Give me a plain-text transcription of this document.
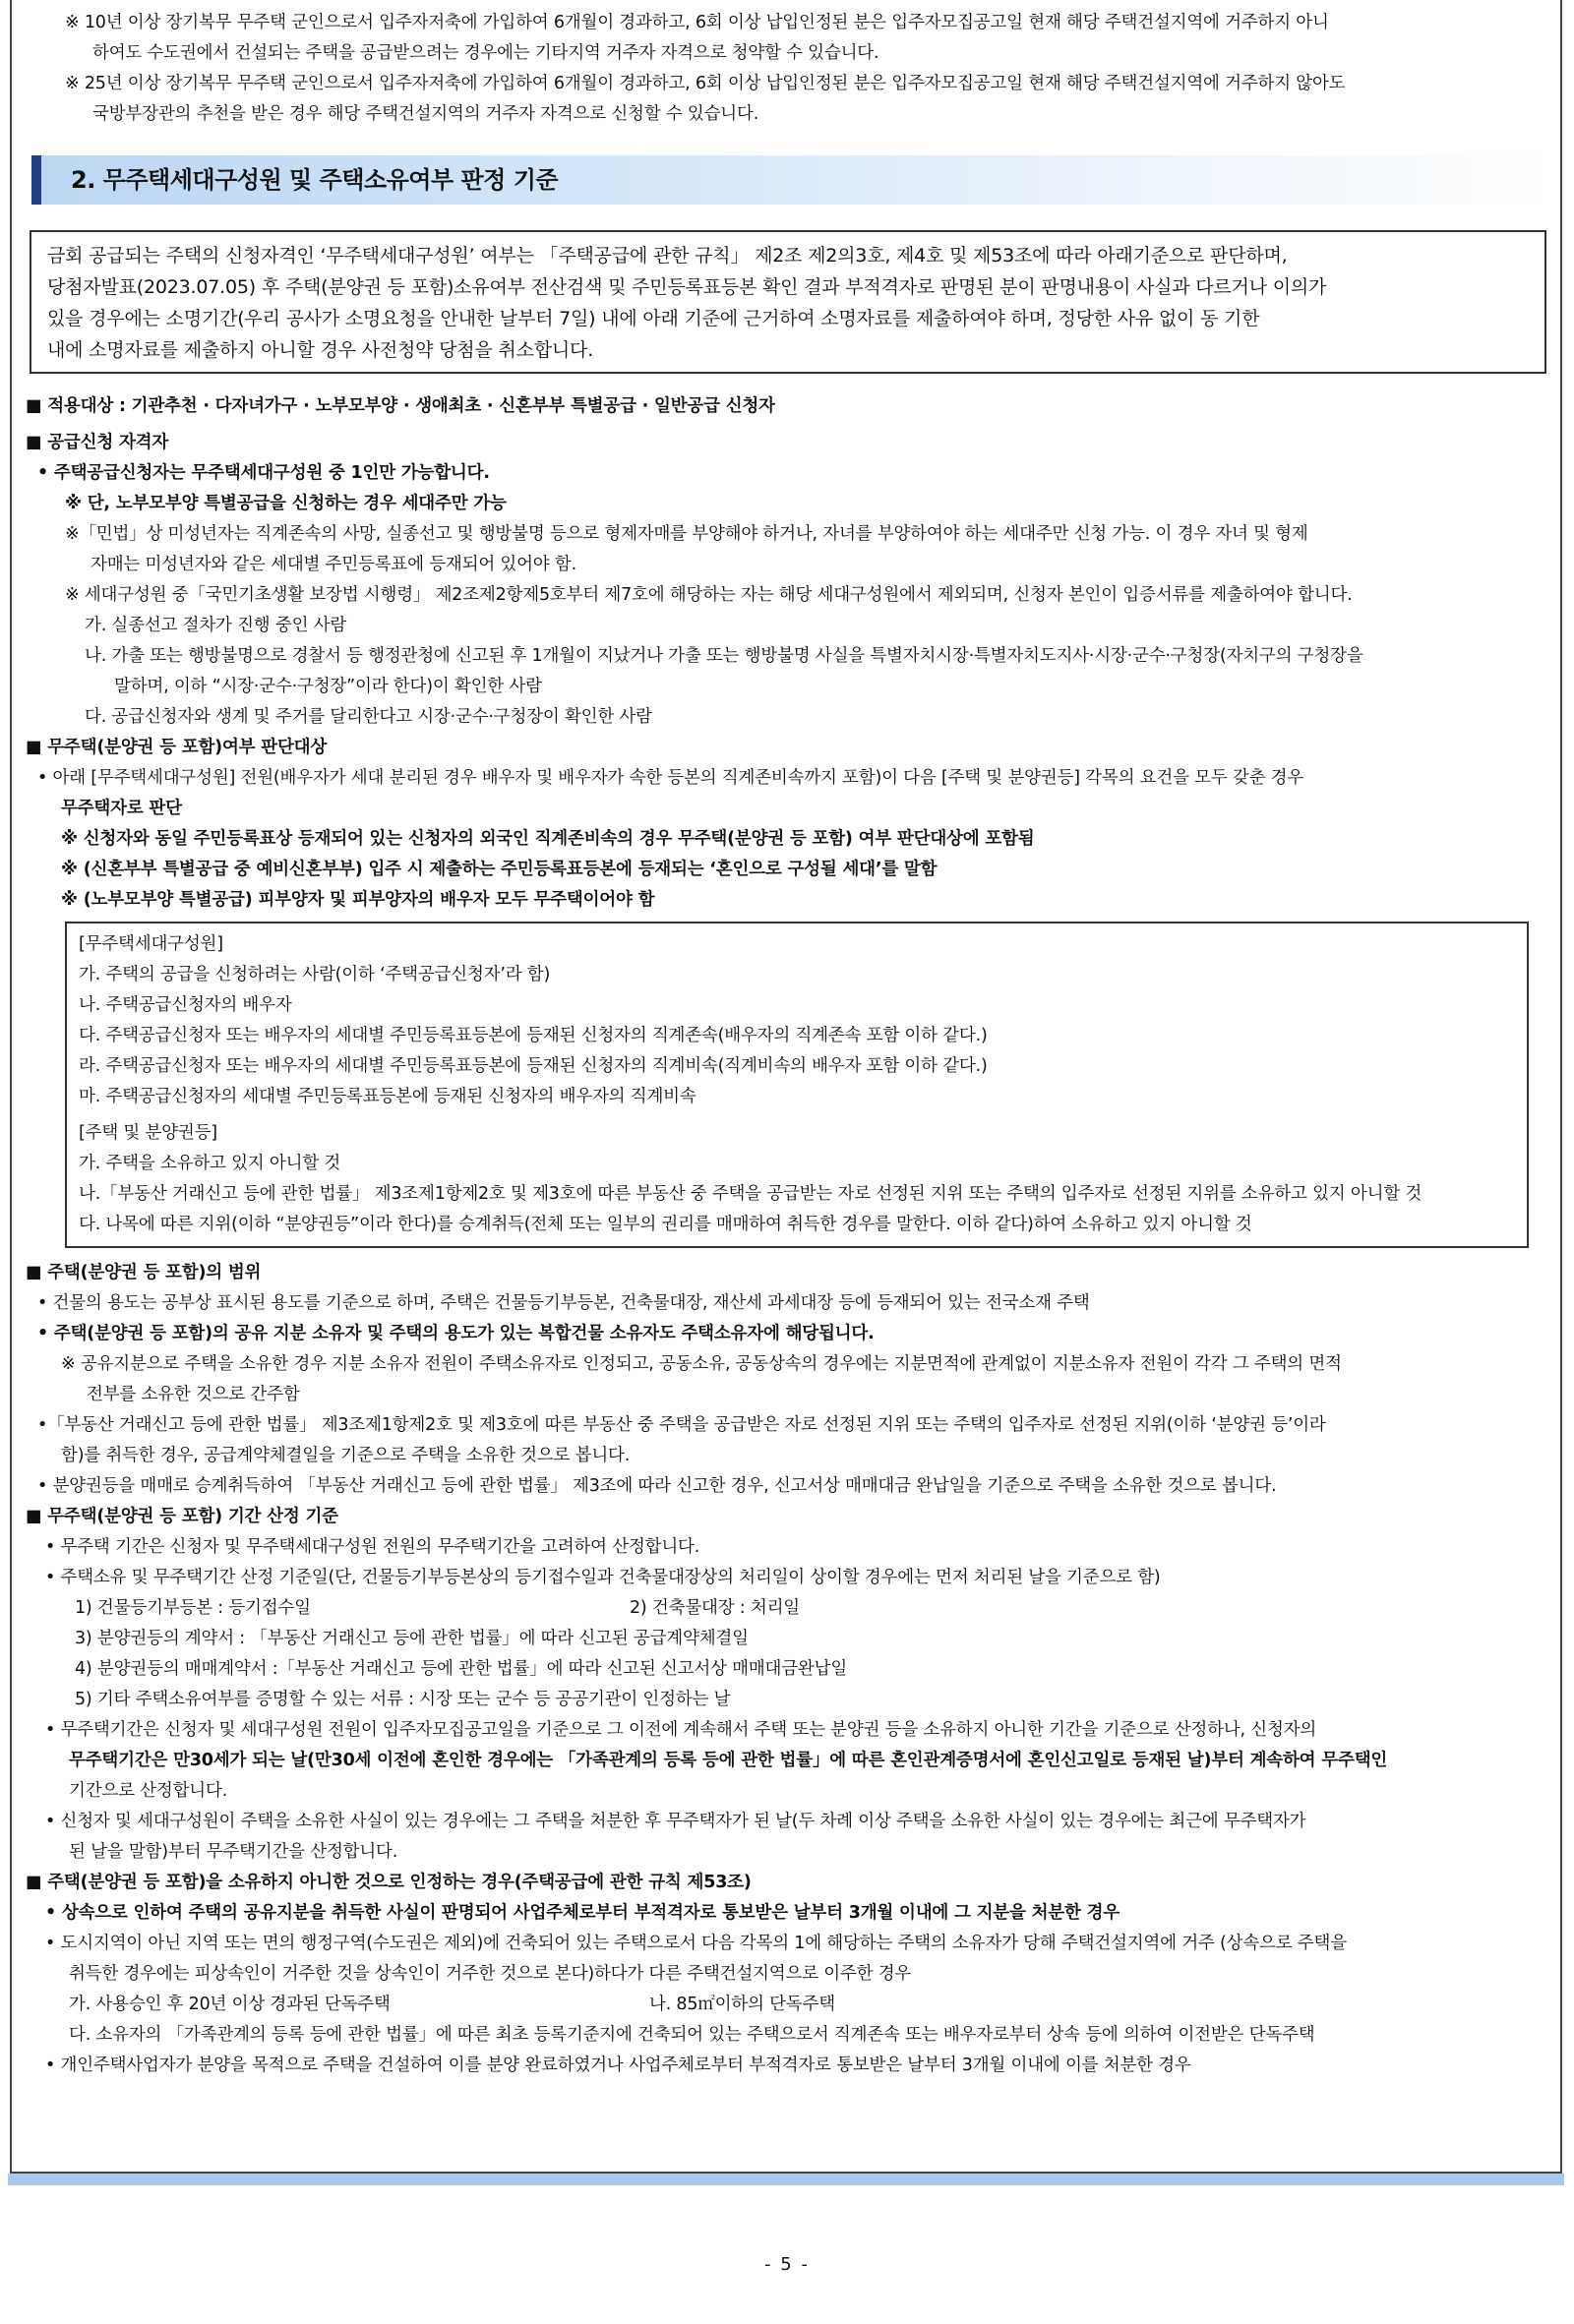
※ 10년 이상 장기복무 무주택 군인으로서 입주자저축에 가입하여 6개월이 경과하고, 6회 이상 납입인정된 분은 입주자모집공고일 현재 해당 주택건설지역에 거주하지 아니
하여도 수도권에서 건설되는 주택을 공급받으려는 경우에는 기타지역 거주자 자격으로 청약할 수 있습니다.
※ 25년 이상 장기복무 무주택 군인으로서 입주자저축에 가입하여 6개월이 경과하고, 6회 이상 납입인정된 분은 입주자모집공고일 현재 해당 주택건설지역에 거주하지 않아도
국방부장관의 추천을 받은 경우 해당 주택건설지역의 거주자 자격으로 신청할 수 있습니다.
2. 무주택세대구성원 및 주택소유여부 판정 기준
금회 공급되는 주택의 신청자격인 ‘무주택세대구성원’ 여부는 「주택공급에 관한 규칙」 제2조 제2의3호, 제4호 및 제53조에 따라 아래기준으로 판단하며,
당첨자발표(2023.07.05) 후 주택(분양권 등 포함)소유여부 전산검색 및 주민등록표등본 확인 결과 부적격자로 판명된 분이 판명내용이 사실과 다르거나 이의가
있을 경우에는 소명기간(우리 공사가 소명요청을 안내한 날부터 7일) 내에 아래 기준에 근거하여 소명자료를 제출하여야 하며, 정당한 사유 없이 동 기한
내에 소명자료를 제출하지 아니할 경우 사전청약 당첨을 취소합니다.
■ 적용대상 : 기관추천 · 다자녀가구 · 노부모부양 · 생애최초 · 신혼부부 특별공급 · 일반공급 신청자
■ 공급신청 자격자
• 주택공급신청자는 무주택세대구성원 중 1인만 가능합니다.
※ 단, 노부모부양 특별공급을 신청하는 경우 세대주만 가능
※「민법」상 미성년자는 직계존속의 사망, 실종선고 및 행방불명 등으로 형제자매를 부양해야 하거나, 자녀를 부양하여야 하는 세대주만 신청 가능. 이 경우 자녀 및 형제
자매는 미성년자와 같은 세대별 주민등록표에 등재되어 있어야 함.
※ 세대구성원 중「국민기초생활 보장법 시행령」 제2조제2항제5호부터 제7호에 해당하는 자는 해당 세대구성원에서 제외되며, 신청자 본인이 입증서류를 제출하여야 합니다.
가. 실종선고 절차가 진행 중인 사람
나. 가출 또는 행방불명으로 경찰서 등 행정관청에 신고된 후 1개월이 지났거나 가출 또는 행방불명 사실을 특별자치시장·특별자치도지사·시장·군수·구청장(자치구의 구청장을
말하며, 이하 “시장·군수·구청장”이라 한다)이 확인한 사람
다. 공급신청자와 생계 및 주거를 달리한다고 시장·군수·구청장이 확인한 사람
■ 무주택(분양권 등 포함)여부 판단대상
• 아래 [무주택세대구성원] 전원(배우자가 세대 분리된 경우 배우자 및 배우자가 속한 등본의 직계존비속까지 포함)이 다음 [주택 및 분양권등] 각목의 요건을 모두 갖춘 경우
무주택자로 판단
※ 신청자와 동일 주민등록표상 등재되어 있는 신청자의 외국인 직계존비속의 경우 무주택(분양권 등 포함) 여부 판단대상에 포함됨
※ (신혼부부 특별공급 중 예비신혼부부) 입주 시 제출하는 주민등록표등본에 등재되는 ‘혼인으로 구성될 세대’를 말함
※ (노부모부양 특별공급) 피부양자 및 피부양자의 배우자 모두 무주택이어야 함
[무주택세대구성원]
가. 주택의 공급을 신청하려는 사람(이하 ‘주택공급신청자’라 함)
나. 주택공급신청자의 배우자
다. 주택공급신청자 또는 배우자의 세대별 주민등록표등본에 등재된 신청자의 직계존속(배우자의 직계존속 포함 이하 같다.)
라. 주택공급신청자 또는 배우자의 세대별 주민등록표등본에 등재된 신청자의 직계비속(직계비속의 배우자 포함 이하 같다.)
마. 주택공급신청자의 세대별 주민등록표등본에 등재된 신청자의 배우자의 직계비속
[주택 및 분양권등]
가. 주택을 소유하고 있지 아니할 것
나.「부동산 거래신고 등에 관한 법률」 제3조제1항제2호 및 제3호에 따른 부동산 중 주택을 공급받는 자로 선정된 지위 또는 주택의 입주자로 선정된 지위를 소유하고 있지 아니할 것
다. 나목에 따른 지위(이하 “분양권등”이라 한다)를 승계취득(전체 또는 일부의 권리를 매매하여 취득한 경우를 말한다. 이하 같다)하여 소유하고 있지 아니할 것
■ 주택(분양권 등 포함)의 범위
• 건물의 용도는 공부상 표시된 용도를 기준으로 하며, 주택은 건물등기부등본, 건축물대장, 재산세 과세대장 등에 등재되어 있는 전국소재 주택
• 주택(분양권 등 포함)의 공유 지분 소유자 및 주택의 용도가 있는 복합건물 소유자도 주택소유자에 해당됩니다.
※ 공유지분으로 주택을 소유한 경우 지분 소유자 전원이 주택소유자로 인정되고, 공동소유, 공동상속의 경우에는 지분면적에 관계없이 지분소유자 전원이 각각 그 주택의 면적
전부를 소유한 것으로 간주함
•「부동산 거래신고 등에 관한 법률」 제3조제1항제2호 및 제3호에 따른 부동산 중 주택을 공급받은 자로 선정된 지위 또는 주택의 입주자로 선정된 지위(이하 ‘분양권 등’이라
함)를 취득한 경우, 공급계약체결일을 기준으로 주택을 소유한 것으로 봅니다.
• 분양권등을 매매로 승계취득하여 「부동산 거래신고 등에 관한 법률」 제3조에 따라 신고한 경우, 신고서상 매매대금 완납일을 기준으로 주택을 소유한 것으로 봅니다.
■ 무주택(분양권 등 포함) 기간 산정 기준
• 무주택 기간은 신청자 및 무주택세대구성원 전원의 무주택기간을 고려하여 산정합니다.
• 주택소유 및 무주택기간 산정 기준일(단, 건물등기부등본상의 등기접수일과 건축물대장상의 처리일이 상이할 경우에는 먼저 처리된 날을 기준으로 함)
1) 건물등기부등본 : 등기접수일	2) 건축물대장 : 처리일
3) 분양권등의 계약서 : 「부동산 거래신고 등에 관한 법률」에 따라 신고된 공급계약체결일
4) 분양권등의 매매계약서 :「부동산 거래신고 등에 관한 법률」에 따라 신고된 신고서상 매매대금완납일
5) 기타 주택소유여부를 증명할 수 있는 서류 : 시장 또는 군수 등 공공기관이 인정하는 날
• 무주택기간은 신청자 및 세대구성원 전원이 입주자모집공고일을 기준으로 그 이전에 계속해서 주택 또는 분양권 등을 소유하지 아니한 기간을 기준으로 산정하나, 신청자의
무주택기간은 만30세가 되는 날(만30세 이전에 혼인한 경우에는 「가족관계의 등록 등에 관한 법률」에 따른 혼인관계증명서에 혼인신고일로 등재된 날)부터 계속하여 무주택인
기간으로 산정합니다.
• 신청자 및 세대구성원이 주택을 소유한 사실이 있는 경우에는 그 주택을 처분한 후 무주택자가 된 날(두 차례 이상 주택을 소유한 사실이 있는 경우에는 최근에 무주택자가
된 날을 말함)부터 무주택기간을 산정합니다.
■ 주택(분양권 등 포함)을 소유하지 아니한 것으로 인정하는 경우(주택공급에 관한 규칙 제53조)
• 상속으로 인하여 주택의 공유지분을 취득한 사실이 판명되어 사업주체로부터 부적격자로 통보받은 날부터 3개월 이내에 그 지분을 처분한 경우
• 도시지역이 아닌 지역 또는 면의 행정구역(수도권은 제외)에 건축되어 있는 주택으로서 다음 각목의 1에 해당하는 주택의 소유자가 당해 주택건설지역에 거주 (상속으로 주택을
취득한 경우에는 피상속인이 거주한 것을 상속인이 거주한 것으로 본다)하다가 다른 주택건설지역으로 이주한 경우
가. 사용승인 후 20년 이상 경과된 단독주택	나. 85㎡이하의 단독주택
다. 소유자의 「가족관계의 등록 등에 관한 법률」에 따른 최초 등록기준지에 건축되어 있는 주택으로서 직계존속 또는 배우자로부터 상속 등에 의하여 이전받은 단독주택
• 개인주택사업자가 분양을 목적으로 주택을 건설하여 이를 분양 완료하였거나 사업주체로부터 부적격자로 통보받은 날부터 3개월 이내에 이를 처분한 경우
- 5 -
